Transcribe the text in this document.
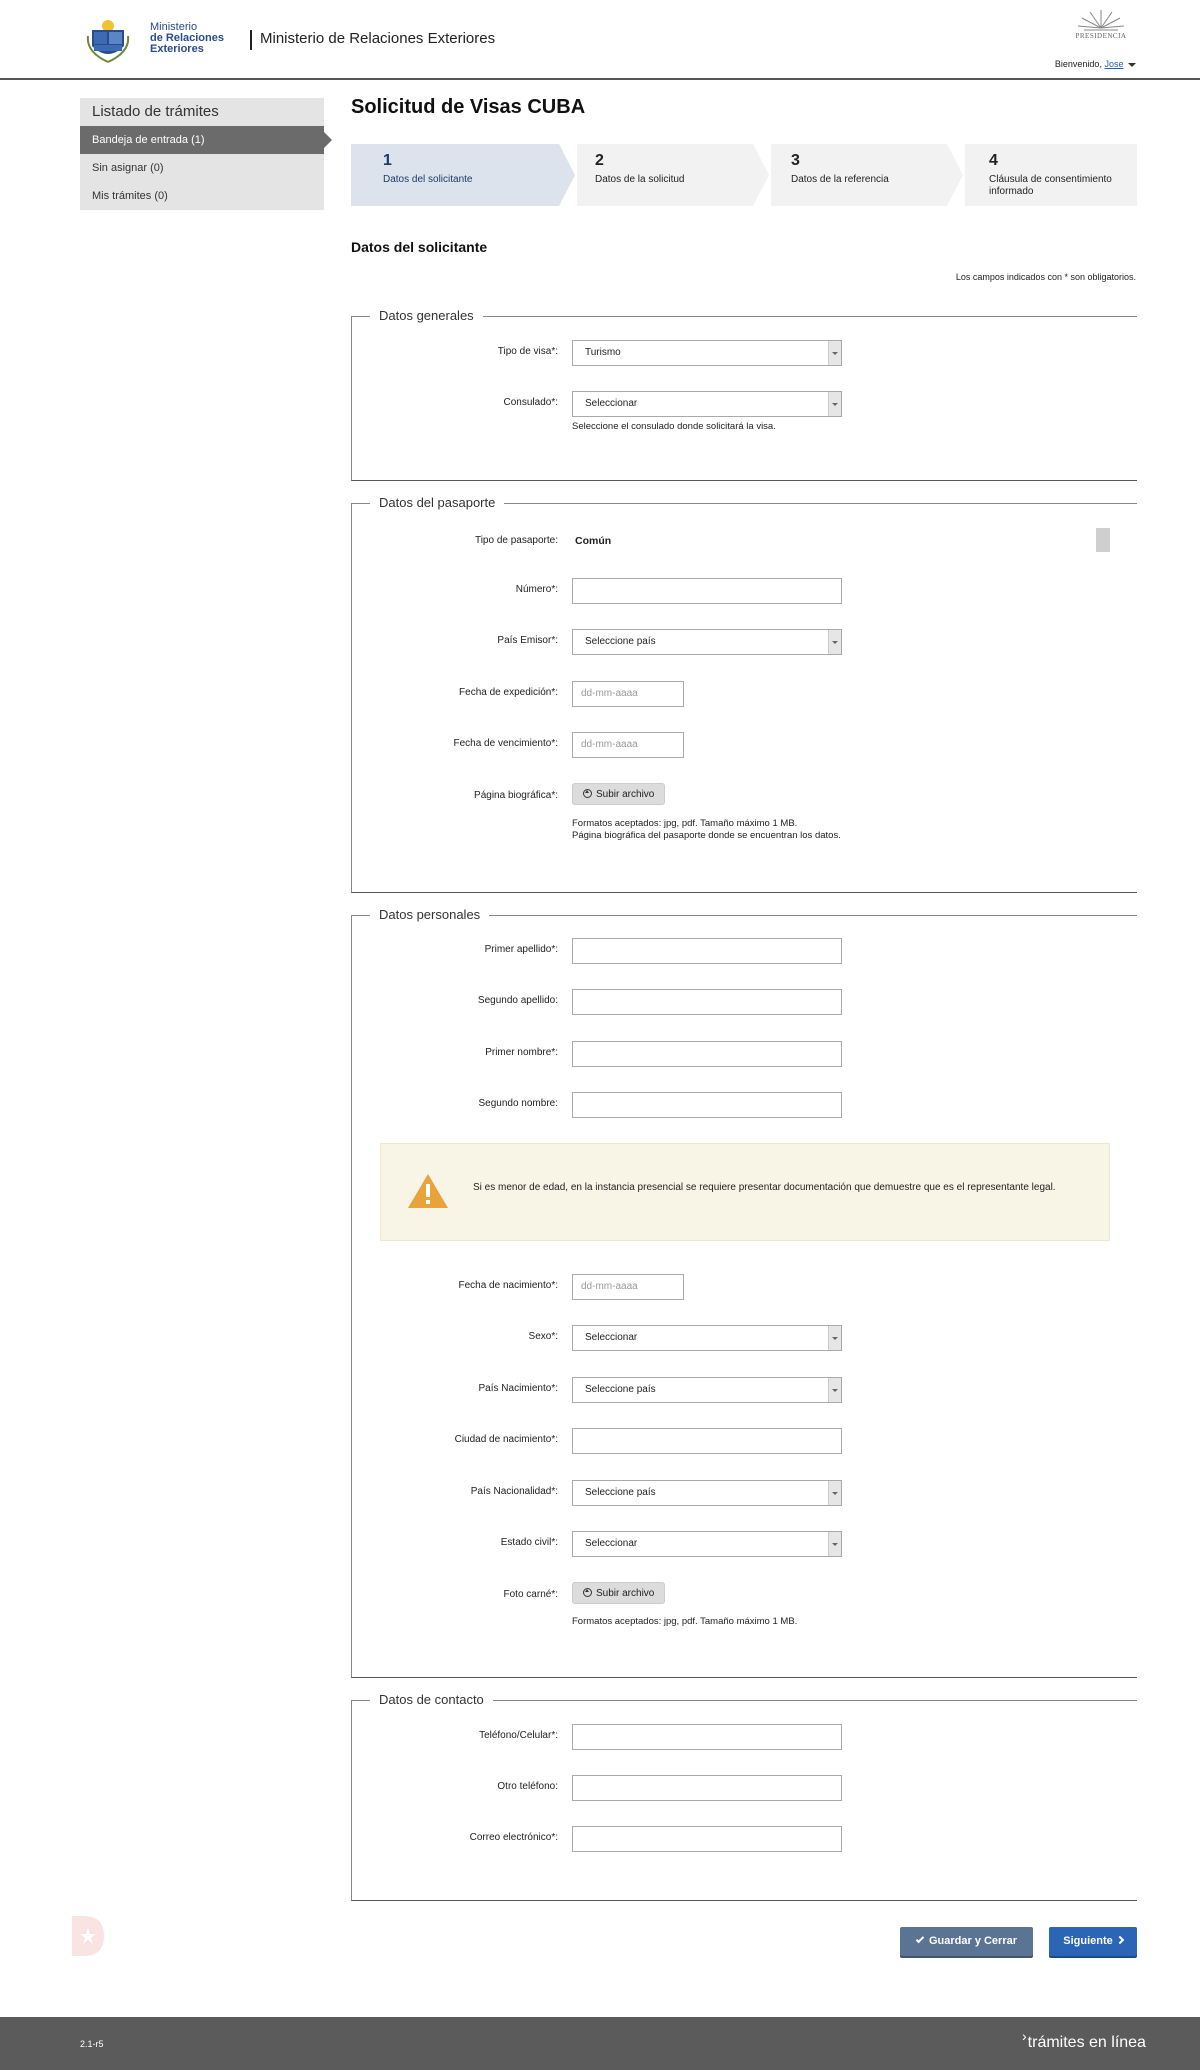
Ministerio
de Relaciones
Exteriores
Ministerio de Relaciones Exteriores	PRESIDENCIA
Bienvenido, Jose
Listado de trámites
Bandeja de entrada (1)
Sin asignar (0)
Mis trámites (0)
Solicitud de Visas CUBA
1
Datos del solicitante
2
Datos de la solicitud
3
Datos de la referencia
4
Cláusula de consentimiento informado
Datos del solicitante
Los campos indicados con * son obligatorios.
Datos generales
Tipo de visa*:	Turismo
Consulado*:	Seleccionar
Seleccione el consulado donde solicitará la visa.
Datos del pasaporte
Tipo de pasaporte: Común
Número*:
País Emisor*:	Seleccione país
Fecha de expedición*:	dd-mm-aaaa
Fecha de vencimiento*:	dd-mm-aaaa
Página biográfica*:	Subir archivo
Formatos aceptados: jpg, pdf. Tamaño máximo 1 MB.
Página biográfica del pasaporte donde se encuentran los datos.
Datos personales
Primer apellido*:
Segundo apellido:
Primer nombre*:
Segundo nombre:
Si es menor de edad, en la instancia presencial se requiere presentar documentación que demuestre que es el representante legal.
Fecha de nacimiento*:	dd-mm-aaaa
Sexo*:	Seleccionar
País Nacimiento*:	Seleccione país
Ciudad de nacimiento*:
País Nacionalidad*:	Seleccione país
Estado civil*:	Seleccionar
Foto carné*:	Subir archivo
Formatos aceptados: jpg, pdf. Tamaño máximo 1 MB.
Datos de contacto
Teléfono/Celular*:
Otro teléfono:
Correo electrónico*:
Guardar y Cerrar	Siguiente
2.1-r5	›trámites en línea
